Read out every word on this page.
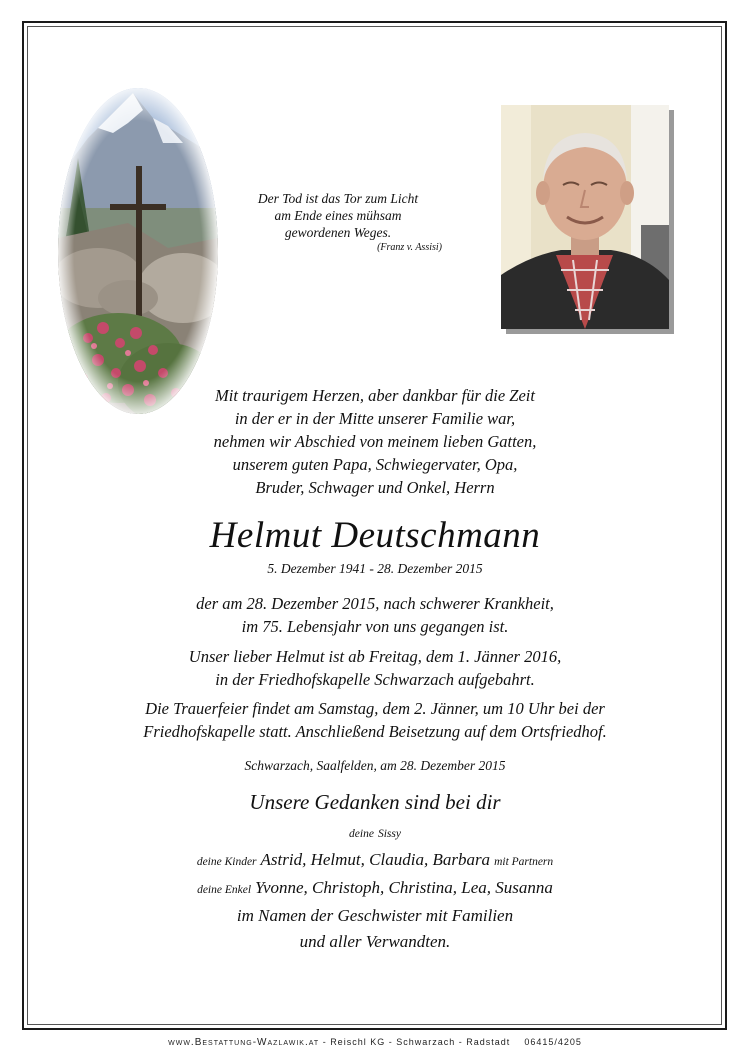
Der Tod ist das Tor zum Licht
am Ende eines mühsam
gewordenen Weges.
(Franz v. Assisi)
Mit traurigem Herzen, aber dankbar für die Zeit
in der er in der Mitte unserer Familie war,
nehmen wir Abschied von meinem lieben Gatten,
unserem guten Papa, Schwiegervater, Opa,
Bruder, Schwager und Onkel, Herrn
Helmut Deutschmann
5. Dezember 1941 - 28. Dezember 2015
der am 28. Dezember 2015, nach schwerer Krankheit,
im 75. Lebensjahr von uns gegangen ist.
Unser lieber Helmut ist ab Freitag, dem 1. Jänner 2016,
in der Friedhofskapelle Schwarzach aufgebahrt.
Die Trauerfeier findet am Samstag, dem 2. Jänner, um 10 Uhr bei der
Friedhofskapelle statt. Anschließend Beisetzung auf dem Ortsfriedhof.
Schwarzach, Saalfelden, am 28. Dezember 2015
Unsere Gedanken sind bei dir
deine Sissy
deine Kinder Astrid, Helmut, Claudia, Barbara mit Partnern
deine Enkel Yvonne, Christoph, Christina, Lea, Susanna
im Namen der Geschwister mit Familien
und aller Verwandten.
www.Bestattung-Wazlawik.at - Reischl KG - Schwarzach - Radstadt 06415/4205
